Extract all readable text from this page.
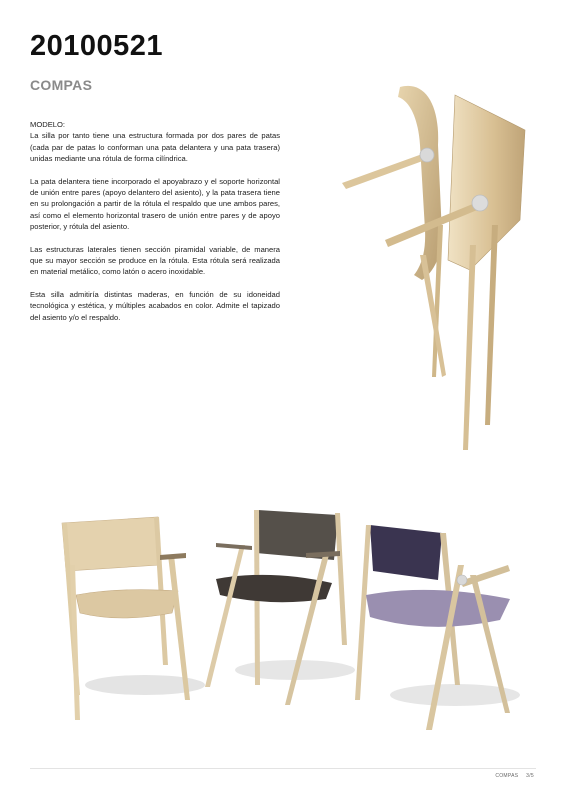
20100521
COMPAS

MODELO:

La silla por tanto tiene una estructura formada por dos pares de patas (cada par de patas lo conforman una pata delantera y una pata trasera) unidas mediante una rótula de forma cilíndrica.

La pata delantera tiene incorporado el apoyabrazo y el soporte horizontal de unión entre pares (apoyo delantero del asiento), y la pata trasera tiene en su prolongación a partir de la rótula el respaldo que une ambos pares, así como el elemento horizontal trasero de unión entre pares y de apoyo posterior, y rótula del asiento.

Las estructuras laterales tienen sección piramidal variable, de manera que su mayor sección se produce en la rótula. Esta rótula será realizada en material metálico, como latón o acero inoxidable.

Esta silla admitiría distintas maderas, en función de su idoneidad tecnológica y estética, y múltiples acabados en color. Admite el tapizado del asiento y/o el respaldo.

COMPAS 3/5
